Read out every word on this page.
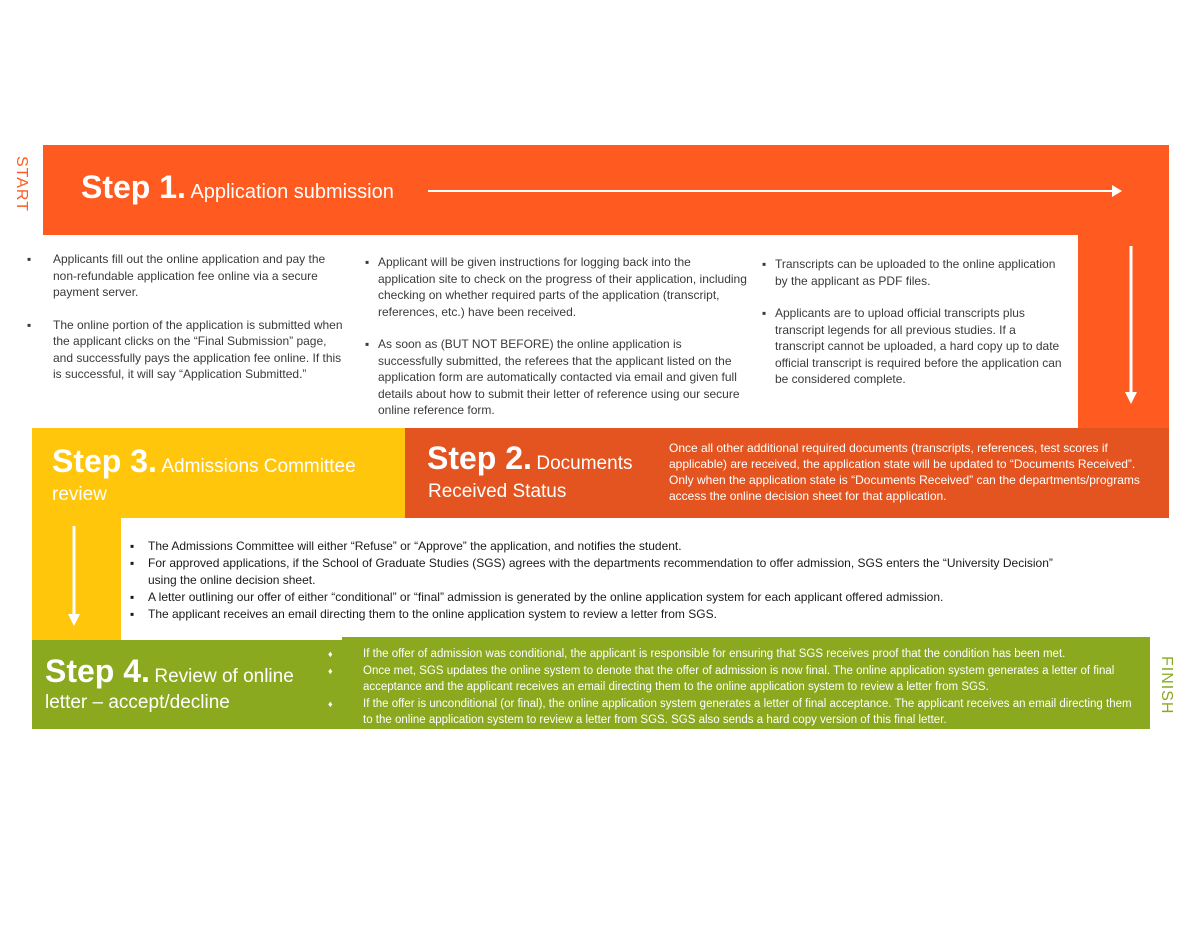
START
FINISH
Step 1. Application submission
▪ Applicants fill out the online application and pay the non-refundable application fee online via a secure payment server.
▪ The online portion of the application is submitted when the applicant clicks on the “Final Submission” page, and successfully pays the application fee online. If this is successful, it will say “Application Submitted.”
▪ Applicant will be given instructions for logging back into the application site to check on the progress of their application, including checking on whether required parts of the application (transcript, references, etc.) have been received.
▪ As soon as (BUT NOT BEFORE) the online application is successfully submitted, the referees that the applicant listed on the application form are automatically contacted via email and given full details about how to submit their letter of reference using our secure online reference form.
▪ Transcripts can be uploaded to the online application by the applicant as PDF files.
▪ Applicants are to upload official transcripts plus transcript legends for all previous studies. If a transcript cannot be uploaded, a hard copy up to date official transcript is required before the application can be considered complete.
Step 3. Admissions Committee
review
Step 2. Documents
Received Status
Once all other additional required documents (transcripts, references, test scores if applicable) are received, the application state will be updated to “Documents Received”. Only when the application state is “Documents Received” can the departments/programs access the online decision sheet for that application.
▪ The Admissions Committee will either “Refuse” or “Approve” the application, and notifies the student.
▪ For approved applications, if the School of Graduate Studies (SGS) agrees with the departments recommendation to offer admission, SGS enters the “University Decision” using the online decision sheet.
▪ A letter outlining our offer of either “conditional” or “final” admission is generated by the online application system for each applicant offered admission.
▪ The applicant receives an email directing them to the online application system to review a letter from SGS.
Step 4. Review of online
letter – accept/decline
♦ If the offer of admission was conditional, the applicant is responsible for ensuring that SGS receives proof that the condition has been met.
♦ Once met, SGS updates the online system to denote that the offer of admission is now final. The online application system generates a letter of final acceptance and the applicant receives an email directing them to the online application system to review a letter from SGS.
♦ If the offer is unconditional (or final), the online application system generates a letter of final acceptance. The applicant receives an email directing them to the online application system to review a letter from SGS. SGS also sends a hard copy version of this final letter.
